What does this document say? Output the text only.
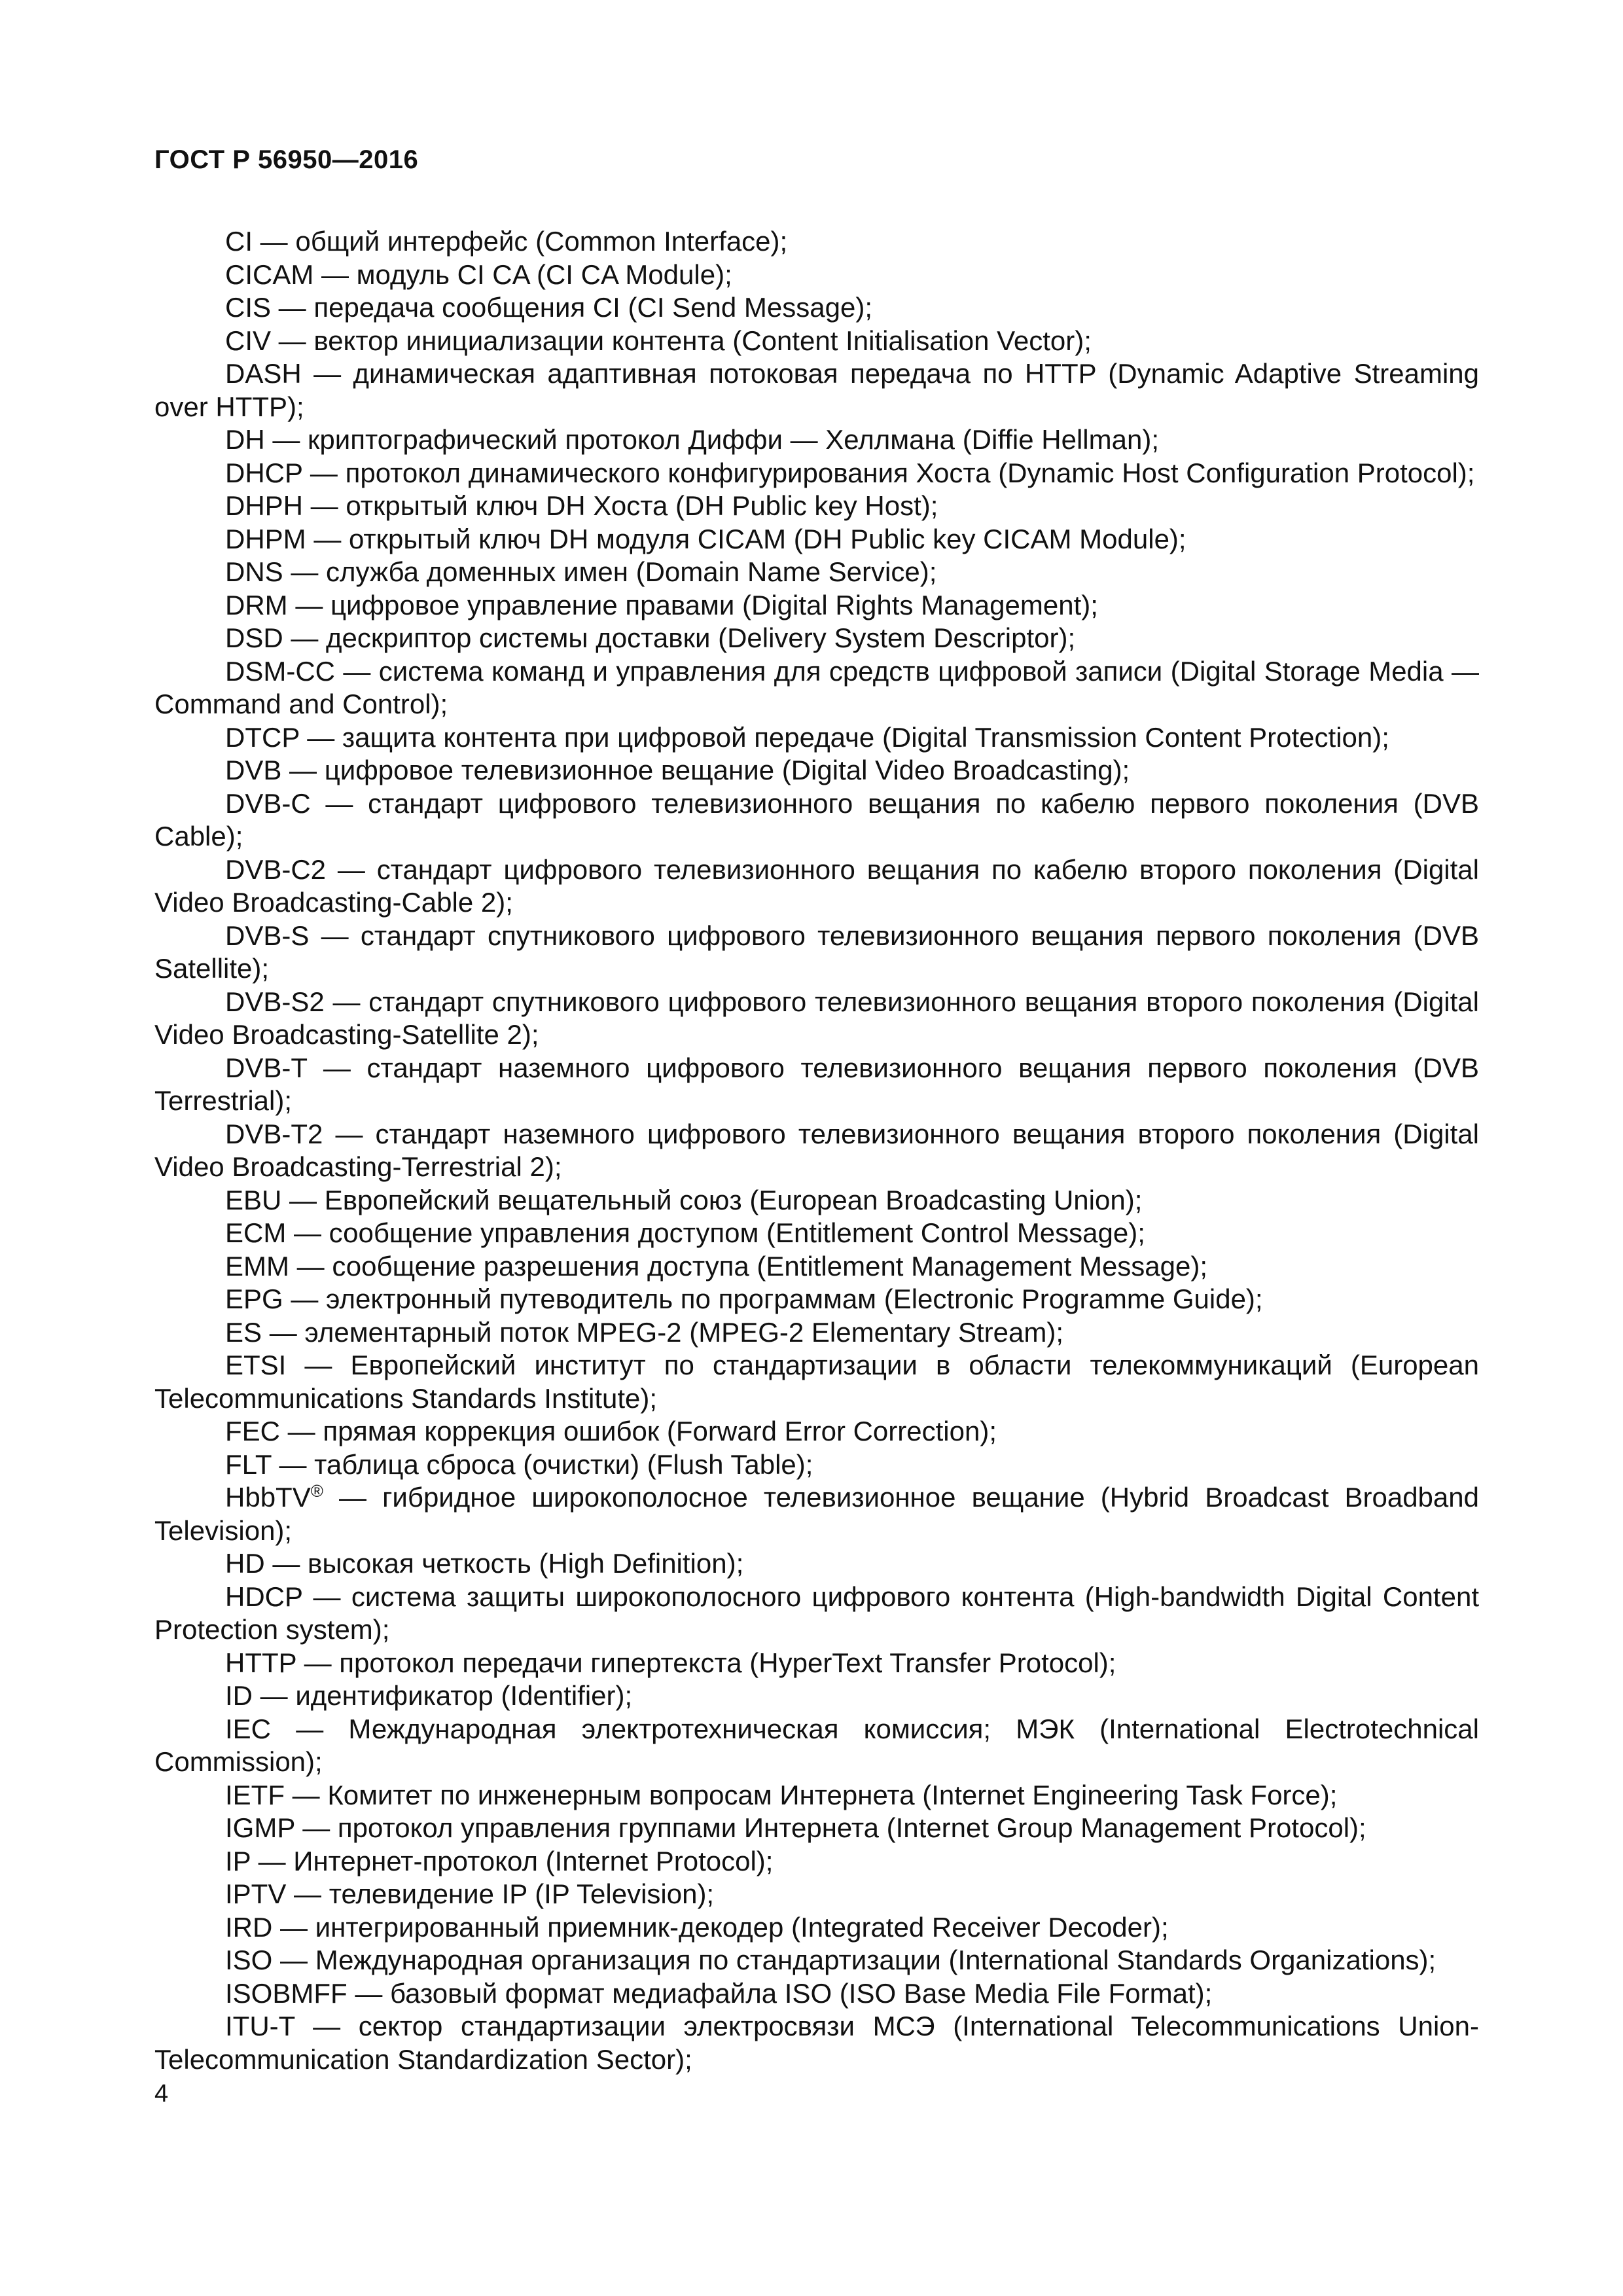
ГОСТ Р 56950—2016

CI — общий интерфейс (Common Interface);

CICAM — модуль CI CA (CI CA Module);

CIS — передача сообщения CI (CI Send Message);

CIV — вектор инициализации контента (Content Initialisation Vector);

DASH — динамическая адаптивная потоковая передача по HTTP (Dynamic Adaptive Streaming over HTTP);

DH — криптографический протокол Диффи — Хеллмана (Diffie Hellman);

DHCP — протокол динамического конфигурирования Хоста (Dynamic Host Configuration Protocol);

DHPH — открытый ключ DH Хоста (DH Public key Host);

DHPM — открытый ключ DH модуля CICAM (DH Public key CICAM Module);

DNS — служба доменных имен (Domain Name Service);

DRM — цифровое управление правами (Digital Rights Management);

DSD — дескриптор системы доставки (Delivery System Descriptor);

DSM-CC — система команд и управления для средств цифровой записи (Digital Storage Media — Command and Control);

DTCP — защита контента при цифровой передаче (Digital Transmission Content Protection);

DVB — цифровое телевизионное вещание (Digital Video Broadcasting);

DVB-C — стандарт цифрового телевизионного вещания по кабелю первого поколения (DVB Cable);

DVB-C2 — стандарт цифрового телевизионного вещания по кабелю второго поколения (Digital Video Broadcasting-Cable 2);

DVB-S — стандарт спутникового цифрового телевизионного вещания первого поколения (DVB Satellite);

DVB-S2 — стандарт спутникового цифрового телевизионного вещания второго поколения (Digital Video Broadcasting-Satellite 2);

DVB-T — стандарт наземного цифрового телевизионного вещания первого поколения (DVB Terrestrial);

DVB-T2 — стандарт наземного цифрового телевизионного вещания второго поколения (Digital Video Broadcasting-Terrestrial 2);

EBU — Европейский вещательный союз (European Broadcasting Union);

ECM — сообщение управления доступом (Entitlement Control Message);

EMM — сообщение разрешения доступа (Entitlement Management Message);

EPG — электронный путеводитель по программам (Electronic Programme Guide);

ES — элементарный поток MPEG-2 (MPEG-2 Elementary Stream);

ETSI — Европейский институт по стандартизации в области телекоммуникаций (European Telecommunications Standards Institute);

FEC — прямая коррекция ошибок (Forward Error Correction);

FLT — таблица сброса (очистки) (Flush Table);

HbbTV® — гибридное широкополосное телевизионное вещание (Hybrid Broadcast Broadband Television);

HD — высокая четкость (High Definition);

HDCP — система защиты широкополосного цифрового контента (High-bandwidth Digital Content Protection system);

HTTP — протокол передачи гипертекста (HyperText Transfer Protocol);

ID — идентификатор (Identifier);

IEC — Международная электротехническая комиссия; МЭК (International Electrotechnical Commission);

IETF — Комитет по инженерным вопросам Интернета (Internet Engineering Task Force);

IGMP — протокол управления группами Интернета (Internet Group Management Protocol);

IP — Интернет-протокол (Internet Protocol);

IPTV — телевидение IP (IP Television);

IRD — интегрированный приемник-декодер (Integrated Receiver Decoder);

ISO — Международная организация по стандартизации (International Standards Organizations);

ISOBMFF — базовый формат медиафайла ISO (ISO Base Media File Format);

ITU-T — сектор стандартизации электросвязи МСЭ (International Telecommunications Union-Telecommunication Standardization Sector);

4
